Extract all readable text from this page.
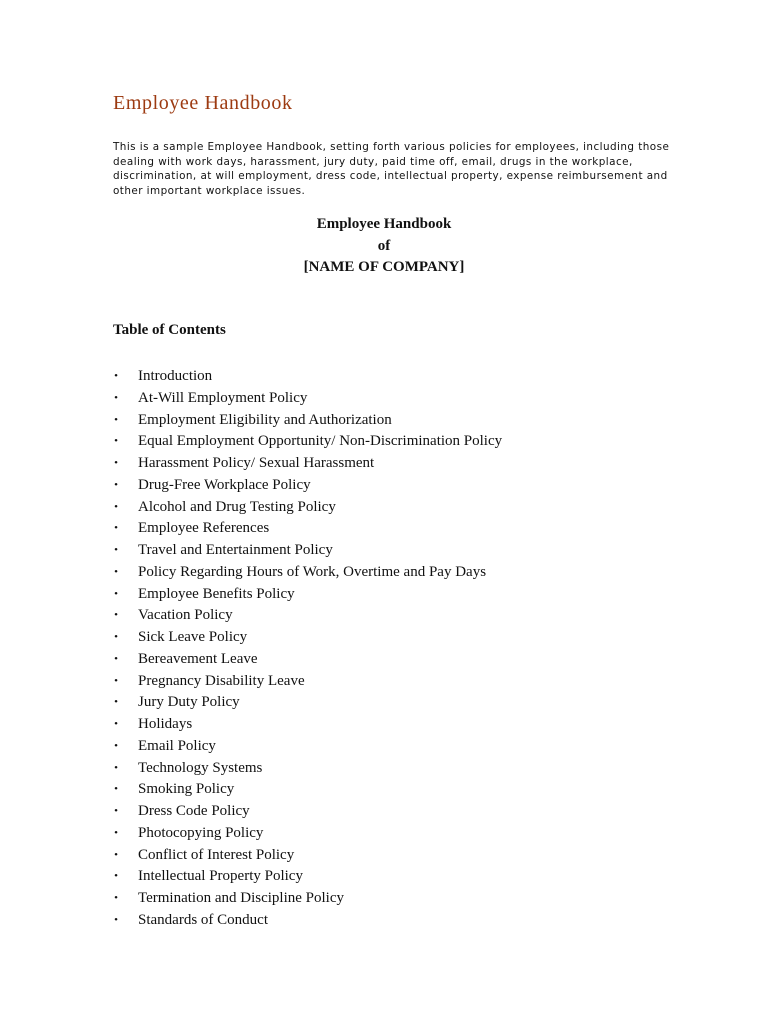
Employee Handbook

This is a sample Employee Handbook, setting forth various policies for employees, including those dealing with work days, harassment, jury duty, paid time off, email, drugs in the workplace, discrimination, at will employment, dress code, intellectual property, expense reimbursement and other important workplace issues.

Employee Handbook
of
[NAME OF COMPANY]
Table of Contents
• Introduction
• At-Will Employment Policy
• Employment Eligibility and Authorization
• Equal Employment Opportunity/ Non-Discrimination Policy
• Harassment Policy/ Sexual Harassment
• Drug-Free Workplace Policy
• Alcohol and Drug Testing Policy
• Employee References
• Travel and Entertainment Policy
• Policy Regarding Hours of Work, Overtime and Pay Days
• Employee Benefits Policy
• Vacation Policy
• Sick Leave Policy
• Bereavement Leave
• Pregnancy Disability Leave
• Jury Duty Policy
• Holidays
• Email Policy
• Technology Systems
• Smoking Policy
• Dress Code Policy
• Photocopying Policy
• Conflict of Interest Policy
• Intellectual Property Policy
• Termination and Discipline Policy
• Standards of Conduct
